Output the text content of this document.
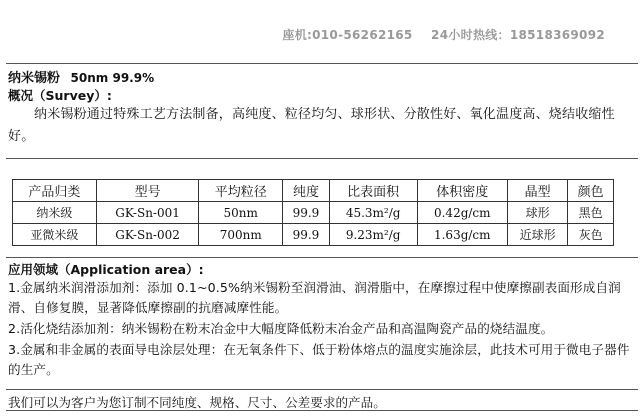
座机:010-56262165 24小时热线：18518369092
纳米锡粉 50nm 99.9%
概况（Survey）:
纳米锡粉通过特殊工艺方法制备，高纯度、粒径均匀、球形状、分散性好、氧化温度高、烧结收缩性好。
产品归类	型号	平均粒径	纯度	比表面积	体积密度	晶型	颜色
纳米级	GK-Sn-001	50nm	99.9	45.3m²/g	0.42g/cm	球形	黑色
亚微米级	GK-Sn-002	700nm	99.9	9.23m²/g	1.63g/cm	近球形	灰色
应用领域（Application area）:

1.金属纳米润滑添加剂：添加 0.1~0.5%纳米锡粉至润滑油、润滑脂中，在摩擦过程中使摩擦副表面形成自润滑、自修复膜，显著降低摩擦副的抗磨减摩性能。

2.活化烧结添加剂：纳米锡粉在粉末冶金中大幅度降低粉末冶金产品和高温陶瓷产品的烧结温度。

3.金属和非金属的表面导电涂层处理：在无氧条件下、低于粉体熔点的温度实施涂层，此技术可用于微电子器件的生产。

我们可以为客户为您订制不同纯度、规格、尺寸、公差要求的产品。
